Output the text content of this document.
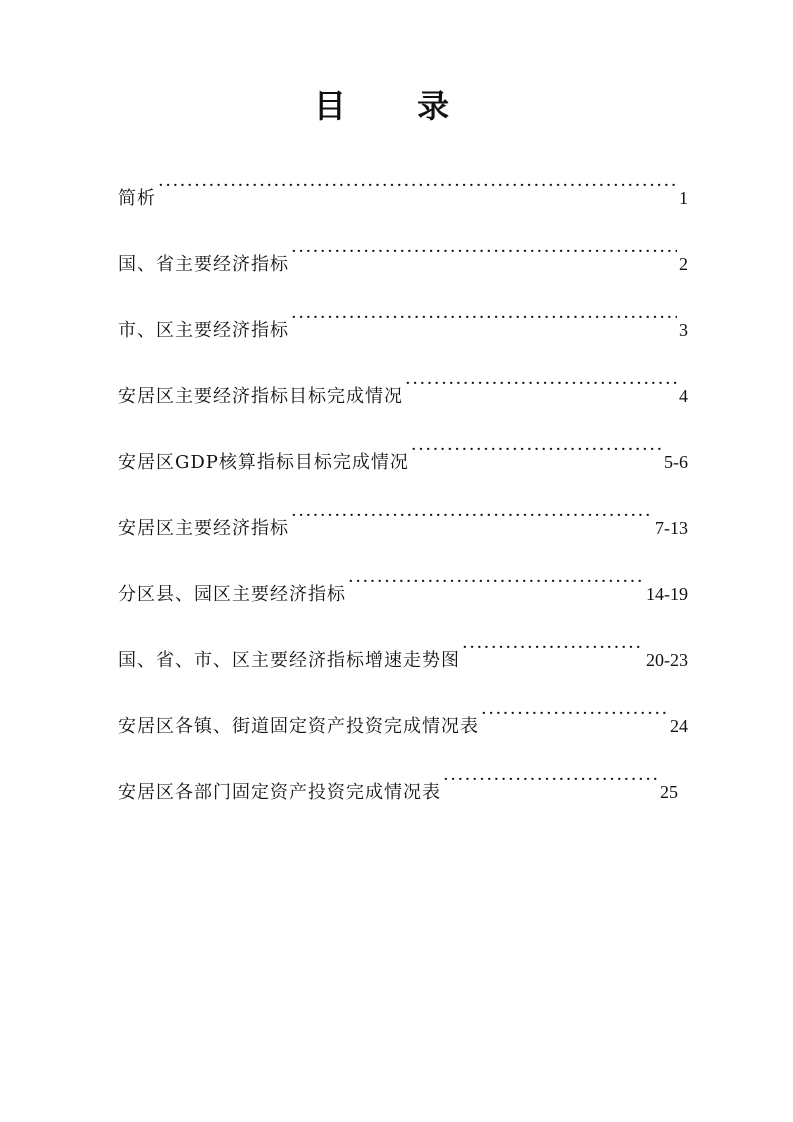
目 录
简析 ·····	1
国、省主要经济指标 ·····	2
市、区主要经济指标 ·····	3
安居区主要经济指标目标完成情况 ·····	4
安居区GDP核算指标目标完成情况 ·····	5-6
安居区主要经济指标 ·····	7-13
分区县、园区主要经济指标 ·····	14-19
国、省、市、区主要经济指标增速走势图 ·····	20-23
安居区各镇、街道固定资产投资完成情况表 ·····	24
安居区各部门固定资产投资完成情况表 ·····	25
